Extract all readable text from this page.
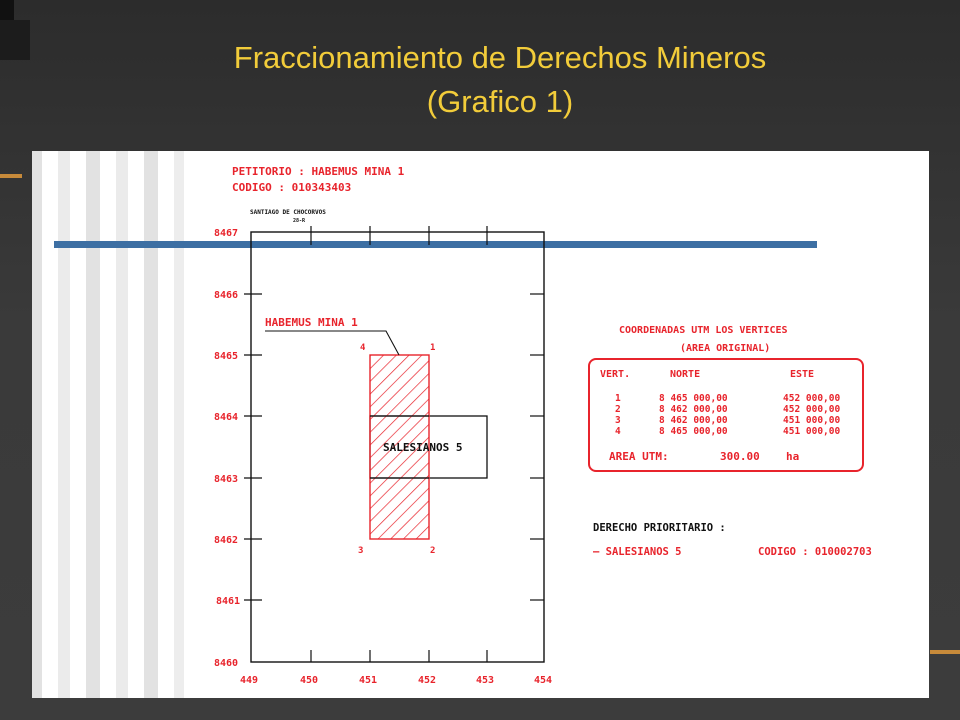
Fraccionamiento de Derechos Mineros
(Grafico 1)
PETITORIO : HABEMUS MINA 1
CODIGO : 010343403
SANTIAGO DE CHOCORVOS
28-R
8467
8466
8465
8464
8463
8462
8461
8460
449	450	451	452	453	454
SALESIANOS 5
HABEMUS MINA 1
4	1
3	2
COORDENADAS UTM LOS VERTICES
(AREA ORIGINAL)
VERT.	NORTE	ESTE
1	8 465 000,00	452 000,00
2	8 462 000,00	452 000,00
3	8 462 000,00	451 000,00
4	8 465 000,00	451 000,00
AREA UTM:	300.00 ha
DERECHO PRIORITARIO :
– SALESIANOS 5	CODIGO : 010002703
